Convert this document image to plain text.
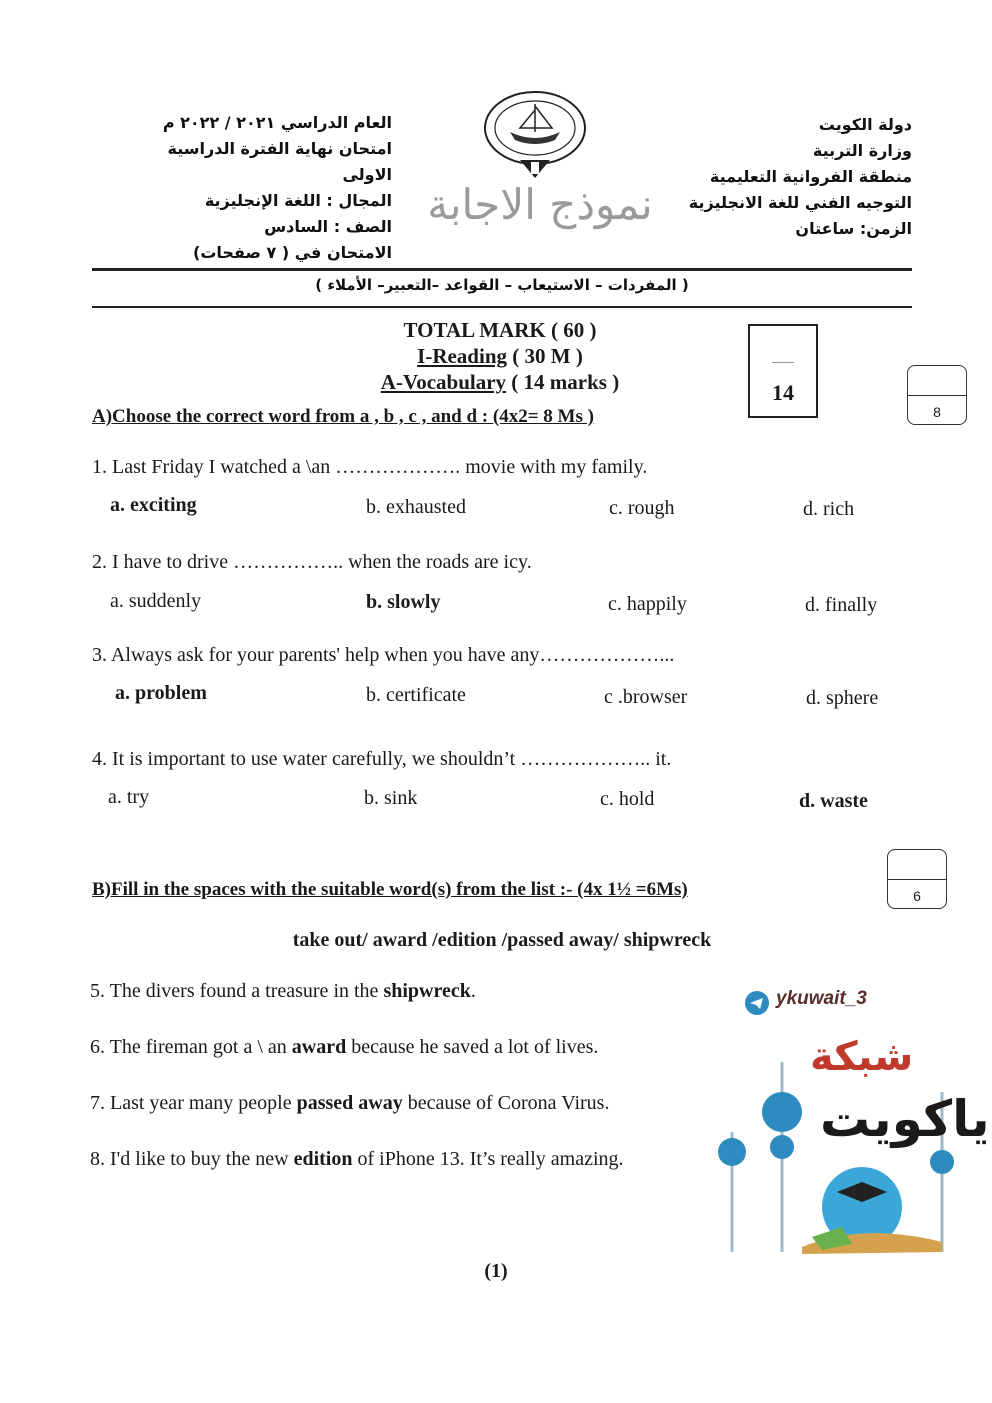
دولة الكويت
وزارة التربية
منطقة الفروانية التعليمية
التوجيه الفني للغة الانجليزية
الزمن: ساعتان
نموذج الاجابة
العام الدراسي ٢٠٢١ / ٢٠٢٢ م
امتحان نهاية الفترة الدراسية الاولى
المجال : اللغة الإنجليزية
الصف : السادس
الامتحان في ( ٧ صفحات)
( المفردات – الاستيعاب – القواعد –التعبير– الأملاء )
TOTAL MARK ( 60 )
I-Reading ( 30 M )
A-Vocabulary ( 14 marks )	14
8
A)Choose the correct word from a , b , c , and d : (4x2= 8 Ms )
1. Last Friday I watched a \an ………………. movie with my family.
a. exciting	b. exhausted	c. rough	d. rich
2. I have to drive …………….. when the roads are icy.
a. suddenly	b. slowly	c. happily	d. finally
3. Always ask for your parents' help when you have any………………...
a. problem	b. certificate	c .browser	d. sphere
4. It is important to use water carefully, we shouldn’t ……………….. it.
a. try	b. sink	c. hold	d. waste
6
B)Fill in the spaces with the suitable word(s) from the list :- (4x 1½ =6Ms)
take out/ award /edition /passed away/ shipwreck
5. The divers found a treasure in the shipwreck.
6. The fireman got a \ an award because he saved a lot of lives.
7. Last year many people passed away because of Corona Virus.
8. I'd like to buy the new edition of iPhone 13. It’s really amazing.
ykuwait_3
شبكة
ياكويت
(1)
